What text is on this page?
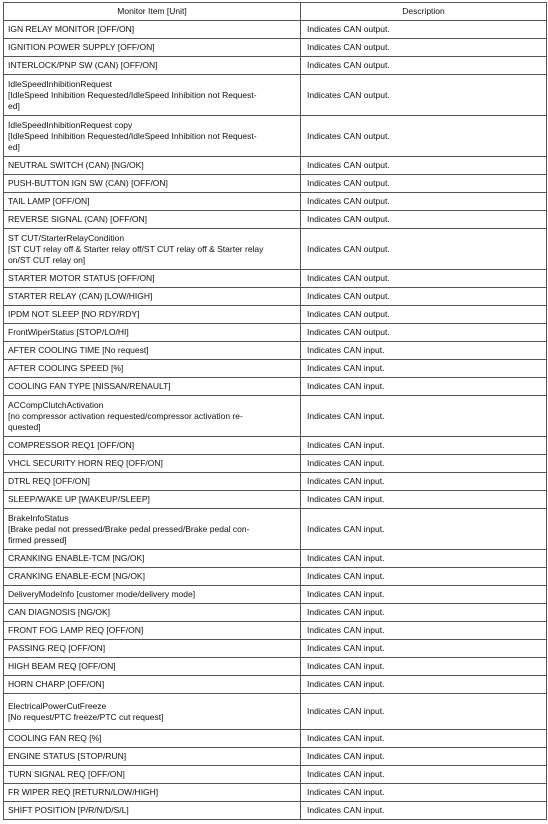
Monitor Item [Unit]	Description

IGN RELAY MONITOR [OFF/ON]	Indicates CAN output.

IGNITION POWER SUPPLY [OFF/ON]	Indicates CAN output.

INTERLOCK/PNP SW (CAN) [OFF/ON]	Indicates CAN output.

IdleSpeedInhibitionRequest
[IdleSpeed Inhibition Requested/IdleSpeed Inhibition not Request-
ed]	Indicates CAN output.

IdleSpeedInhibitionRequest copy
[IdleSpeed Inhibition Requested/IdleSpeed Inhibition not Request-
ed]	Indicates CAN output.

NEUTRAL SWITCH (CAN) [NG/OK]	Indicates CAN output.

PUSH-BUTTON IGN SW (CAN) [OFF/ON]	Indicates CAN output.

TAIL LAMP [OFF/ON]	Indicates CAN output.

REVERSE SIGNAL (CAN) [OFF/ON]	Indicates CAN output.

ST CUT/StarterRelayCondition
[ST CUT relay off & Starter relay off/ST CUT relay off & Starter relay
on/ST CUT relay on]	Indicates CAN output.

STARTER MOTOR STATUS [OFF/ON]	Indicates CAN output.

STARTER RELAY (CAN) [LOW/HIGH]	Indicates CAN output.

IPDM NOT SLEEP [NO RDY/RDY]	Indicates CAN output.

FrontWiperStatus [STOP/LO/HI]	Indicates CAN output.

AFTER COOLING TIME [No request]	Indicates CAN input.

AFTER COOLING SPEED [%]	Indicates CAN input.

COOLING FAN TYPE [NISSAN/RENAULT]	Indicates CAN input.

ACCompClutchActivation
[no compressor activation requested/compressor activation re-
quested]	Indicates CAN input.

COMPRESSOR REQ1 [OFF/ON]	Indicates CAN input.

VHCL SECURITY HORN REQ [OFF/ON]	Indicates CAN input.

DTRL REQ [OFF/ON]	Indicates CAN input.

SLEEP/WAKE UP [WAKEUP/SLEEP]	Indicates CAN input.

BrakeInfoStatus
[Brake pedal not pressed/Brake pedal pressed/Brake pedal con-
firmed pressed]	Indicates CAN input.

CRANKING ENABLE-TCM [NG/OK]	Indicates CAN input.

CRANKING ENABLE-ECM [NG/OK]	Indicates CAN input.

DeliveryModeInfo [customer mode/delivery mode]	Indicates CAN input.

CAN DIAGNOSIS [NG/OK]	Indicates CAN input.

FRONT FOG LAMP REQ [OFF/ON]	Indicates CAN input.

PASSING REQ [OFF/ON]	Indicates CAN input.

HIGH BEAM REQ [OFF/ON]	Indicates CAN input.

HORN CHARP [OFF/ON]	Indicates CAN input.

ElectricalPowerCutFreeze
[No request/PTC freeze/PTC cut request]	Indicates CAN input.

COOLING FAN REQ [%]	Indicates CAN input.

ENGINE STATUS [STOP/RUN]	Indicates CAN input.

TURN SIGNAL REQ [OFF/ON]	Indicates CAN input.

FR WIPER REQ [RETURN/LOW/HIGH]	Indicates CAN input.

SHIFT POSITION [P/R/N/D/S/L]	Indicates CAN input.
